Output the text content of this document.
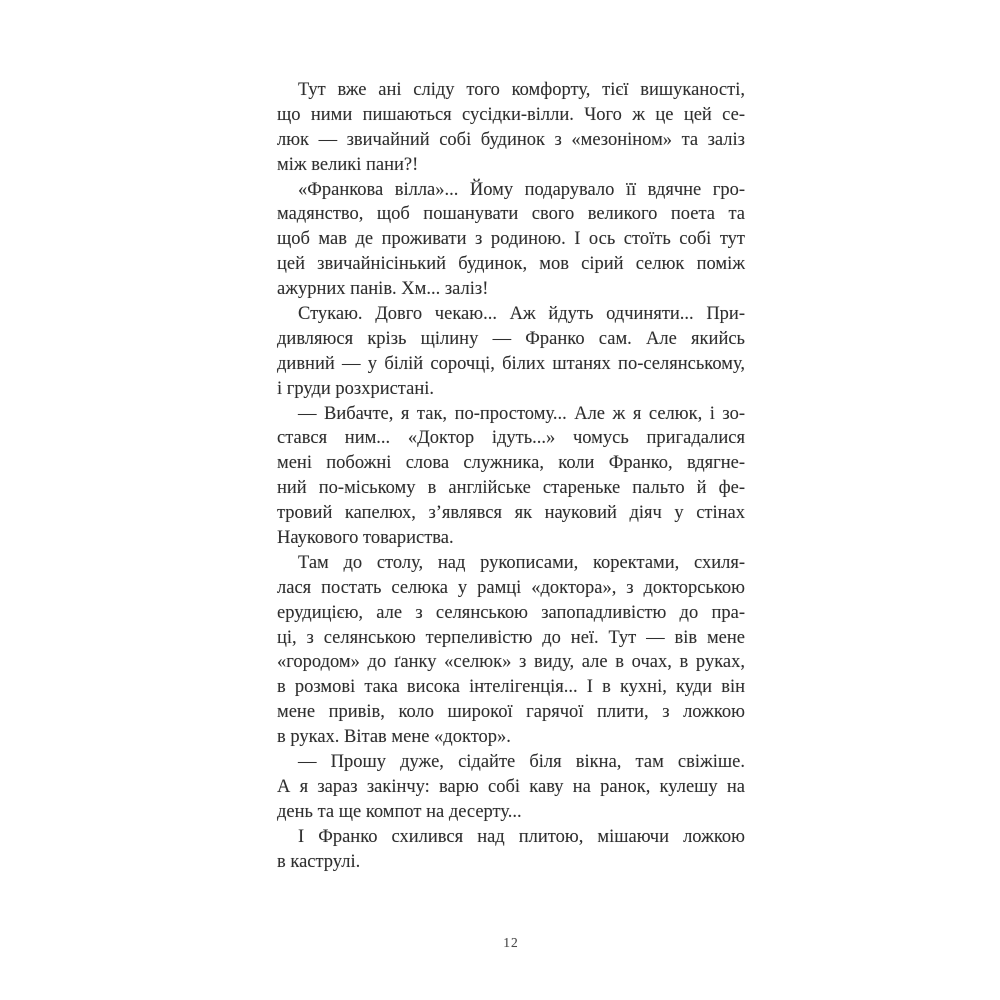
Тут вже ані сліду того комфорту, тієї вишуканості,
що ними пишаються сусідки-вілли. Чого ж це цей се-
люк — звичайний собі будинок з «мезоніном» та заліз
між великі пани?!
«Франкова вілла»... Йому подарувало її вдячне гро-
мадянство, щоб пошанувати свого великого поета та
щоб мав де проживати з родиною. І ось стоїть собі тут
цей звичайнісінький будинок, мов сірий селюк поміж
ажурних панів. Хм... заліз!
Стукаю. Довго чекаю... Аж йдуть одчиняти... При-
дивляюся крізь щілину — Франко сам. Але якийсь
дивний — у білій сорочці, білих штанях по-селянському,
і груди розхристані.
— Вибачте, я так, по-простому... Але ж я селюк, і зо-
стався ним... «Доктор ідуть...» чомусь пригадалися
мені побожні слова служника, коли Франко, вдягне-
ний по-міському в англійське стареньке пальто й фе-
тровий капелюх, з’являвся як науковий діяч у стінах
Наукового товариства.
Там до столу, над рукописами, коректами, схиля-
лася постать селюка у рамці «доктора», з докторською
ерудицією, але з селянською запопадливістю до пра-
ці, з селянською терпеливістю до неї. Тут — вів мене
«городом» до ґанку «селюк» з виду, але в очах, в руках,
в розмові така висока інтелігенція... І в кухні, куди він
мене привів, коло широкої гарячої плити, з ложкою
в руках. Вітав мене «доктор».
— Прошу дуже, сідайте біля вікна, там свіжіше.
А я зараз закінчу: варю собі каву на ранок, кулешу на
день та ще компот на десерту...
І Франко схилився над плитою, мішаючи ложкою
в каструлі.
12
